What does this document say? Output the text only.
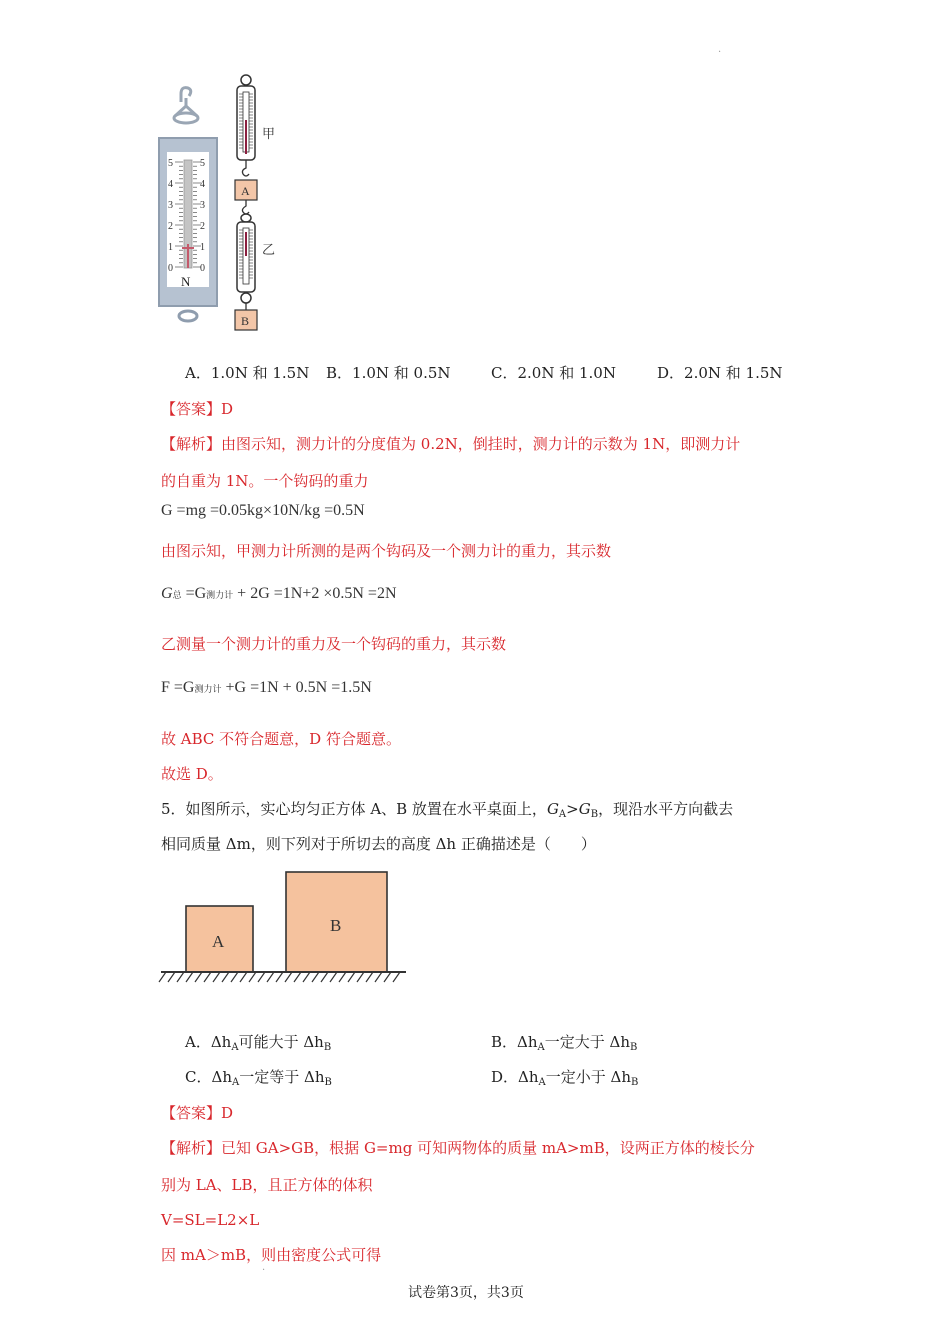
.
5
4
3
2
1
0
5
4
3
2
1
0
N
甲
A
乙
B
A．1.0N 和 1.5N B．1.0N 和 0.5N	C．2.0N 和 1.0N	D．2.0N 和 1.5N
【答案】D
【解析】由图示知，测力计的分度值为 0.2N，倒挂时，测力计的示数为 1N，即测力计
的自重为 1N。一个钩码的重力
G =mg =0.05kg×10N/kg =0.5N
由图示知，甲测力计所测的是两个钩码及一个测力计的重力，其示数
G总 =G测力计 + 2G =1N+2 ×0.5N =2N
乙测量一个测力计的重力及一个钩码的重力，其示数
F =G测力计 +G =1N + 0.5N =1.5N
故 ABC 不符合题意，D 符合题意。
故选 D。
5．如图所示，实心均匀正方体 A、B 放置在水平桌面上，$G_A>G_B$，现沿水平方向截去
相同质量 Δm，则下列对于所切去的高度 Δh 正确描述是（　　）
A
B
A．$\Delta h_A$可能大于 $\Delta h_B$	B．$\Delta h_A$一定大于 $\Delta h_B$
C．$\Delta h_A$一定等于 $\Delta h_B$	D．$\Delta h_A$一定小于 $\Delta h_B$
【答案】D
【解析】已知 GA>GB，根据 G=mg 可知两物体的质量 mA>mB，设两正方体的棱长分
别为 LA、LB，且正方体的体积
V=SL=L2×L
因 mA＞mB，则由密度公式可得
.
试卷第3页，共3页
